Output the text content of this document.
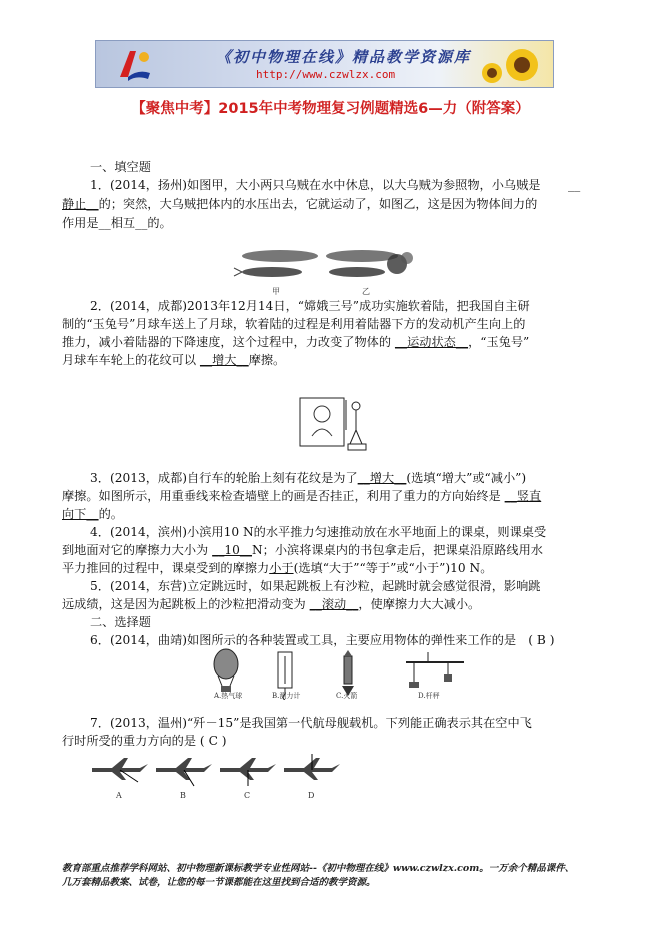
《初中物理在线》精品教学资源库
http://www.czwlzx.com
【聚焦中考】2015年中考物理复习例题精选6—力（附答案）
一、填空题
1．(2014，扬州)如图甲，大小两只乌贼在水中休息，以大乌贼为参照物，小乌贼是	__
静止__的；突然，大乌贼把体内的水压出去，它就运动了，如图乙，这是因为物体间力的
作用是__相互__的。
甲	乙
2．(2014，成都)2013年12月14日，“嫦娥三号”成功实施软着陆，把我国自主研
制的“玉兔号”月球车送上了月球，软着陆的过程是利用着陆器下方的发动机产生向上的
推力，减小着陆器的下降速度，这个过程中，力改变了物体的 __运动状态__，“玉兔号”
月球车车轮上的花纹可以 __增大__摩擦。
3．(2013，成都)自行车的轮胎上刻有花纹是为了__增大__(选填“增大”或“减小”)
摩擦。如图所示，用重垂线来检查墙壁上的画是否挂正，利用了重力的方向始终是 __竖直
向下__的。
4．(2014，滨州)小滨用10 N的水平推力匀速推动放在水平地面上的课桌，则课桌受
到地面对它的摩擦力大小为 __10__N；小滨将课桌内的书包拿走后，把课桌沿原路线用水
平力推回的过程中，课桌受到的摩擦力小于(选填“大于”“等于”或“小于”)10 N。
5．(2014，东营)立定跳远时，如果起跳板上有沙粒，起跳时就会感觉很滑，影响跳
远成绩，这是因为起跳板上的沙粒把滑动变为 __滚动__，使摩擦力大大减小。
二、选择题
6．(2014，曲靖)如图所示的各种装置或工具，主要应用物体的弹性来工作的是　( B )
A.热气球	B.测力计	C.火箭	D.杆秤
7．(2013，温州)“歼－15”是我国第一代航母舰载机。下列能正确表示其在空中飞
行时所受的重力方向的是 ( C )
A	B	C	D
教育部重点推荐学科网站、初中物理新课标教学专业性网站--《初中物理在线》www.czwlzx.com。一万余个精品课件、
几万套精品教案、试卷，让您的每一节课都能在这里找到合适的教学资源。
